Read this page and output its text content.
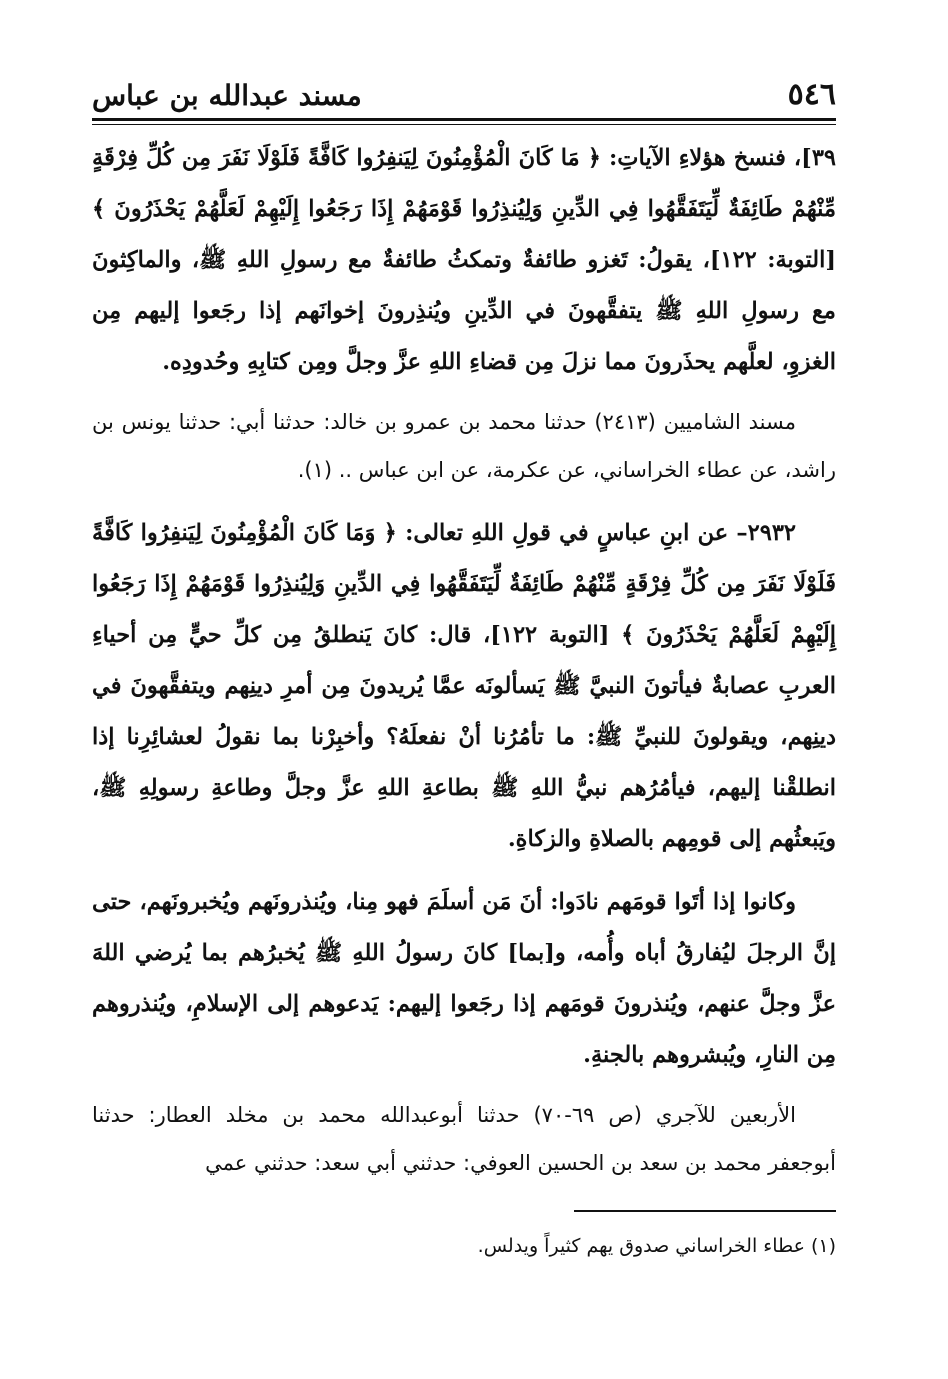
٥٤٦
مسند عبدالله بن عباس

٣٩]، فنسخ هؤلاءِ الآياتِ: ﴿ مَا كَانَ الْمُؤْمِنُونَ لِيَنفِرُوا كَافَّةً فَلَوْلَا نَفَرَ مِن كُلِّ فِرْقَةٍ مِّنْهُمْ طَائِفَةٌ لِّيَتَفَقَّهُوا فِي الدِّينِ وَلِيُنذِرُوا قَوْمَهُمْ إِذَا رَجَعُوا إِلَيْهِمْ لَعَلَّهُمْ يَحْذَرُونَ ﴾ [التوبة: ١٢٢]، يقولُ: تَغزو طائفةٌ وتمكثُ طائفةٌ مع رسولِ اللهِ ﷺ، والماكِثونَ مع رسولِ اللهِ ﷺ يتفقَّهونَ في الدِّينِ ويُنذِرونَ إخوانَهم إذا رجَعوا إليهم مِن الغزوِ، لعلَّهم يحذَرونَ مما نزلَ مِن قضاءِ اللهِ عزَّ وجلَّ ومِن كتابِهِ وحُدودِه.

مسند الشاميين (٢٤١٣) حدثنا محمد بن عمرو بن خالد: حدثنا أبي: حدثنا يونس بن راشد، عن عطاء الخراساني، عن عكرمة، عن ابن عباس .. (١).

٢٩٣٢– عن ابنِ عباسٍ في قولِ اللهِ تعالى: ﴿ وَمَا كَانَ الْمُؤْمِنُونَ لِيَنفِرُوا كَافَّةً فَلَوْلَا نَفَرَ مِن كُلِّ فِرْقَةٍ مِّنْهُمْ طَائِفَةٌ لِّيَتَفَقَّهُوا فِي الدِّينِ وَلِيُنذِرُوا قَوْمَهُمْ إِذَا رَجَعُوا إِلَيْهِمْ لَعَلَّهُمْ يَحْذَرُونَ ﴾ [التوبة ١٢٢]، قال: كانَ يَنطلقُ مِن كلِّ حيٍّ مِن أحياءِ العربِ عصابةٌ فيأتونَ النبيَّ ﷺ يَسألونَه عمَّا يُريدونَ مِن أمرِ دينِهم ويتفقَّهونَ في دينِهم، ويقولونَ للنبيِّ ﷺ: ما تأمُرُنا أنْ نفعلَهُ؟ وأخبِرْنا بما نقولُ لعشائِرِنا إذا انطلقْنا إليهم، فيأمُرُهم نبيُّ اللهِ ﷺ بطاعةِ اللهِ عزَّ وجلَّ وطاعةِ رسولِهِ ﷺ، ويَبعثُهم إلى قومِهم بالصلاةِ والزكاةِ.

وكانوا إذا أتَوا قومَهم نادَوا: أنَ مَن أسلَمَ فهو مِنا، ويُنذرونَهم ويُخبرونَهم، حتى إنَّ الرجلَ ليُفارقُ أباه وأُمه، و[بما] كانَ رسولُ اللهِ ﷺ يُخبرُهم بما يُرضي اللهَ عزَّ وجلَّ عنهم، ويُنذرونَ قومَهم إذا رجَعوا إليهم: يَدعوهم إلى الإسلامِ، ويُنذروهم مِن النارِ، ويُبشروهم بالجنةِ.

الأربعين للآجري (ص ٦٩-٧٠) حدثنا أبوعبدالله محمد بن مخلد العطار: حدثنا أبوجعفر محمد بن سعد بن الحسين العوفي: حدثني أبي سعد: حدثني عمي

(١) عطاء الخراساني صدوق يهم كثيراً ويدلس.
